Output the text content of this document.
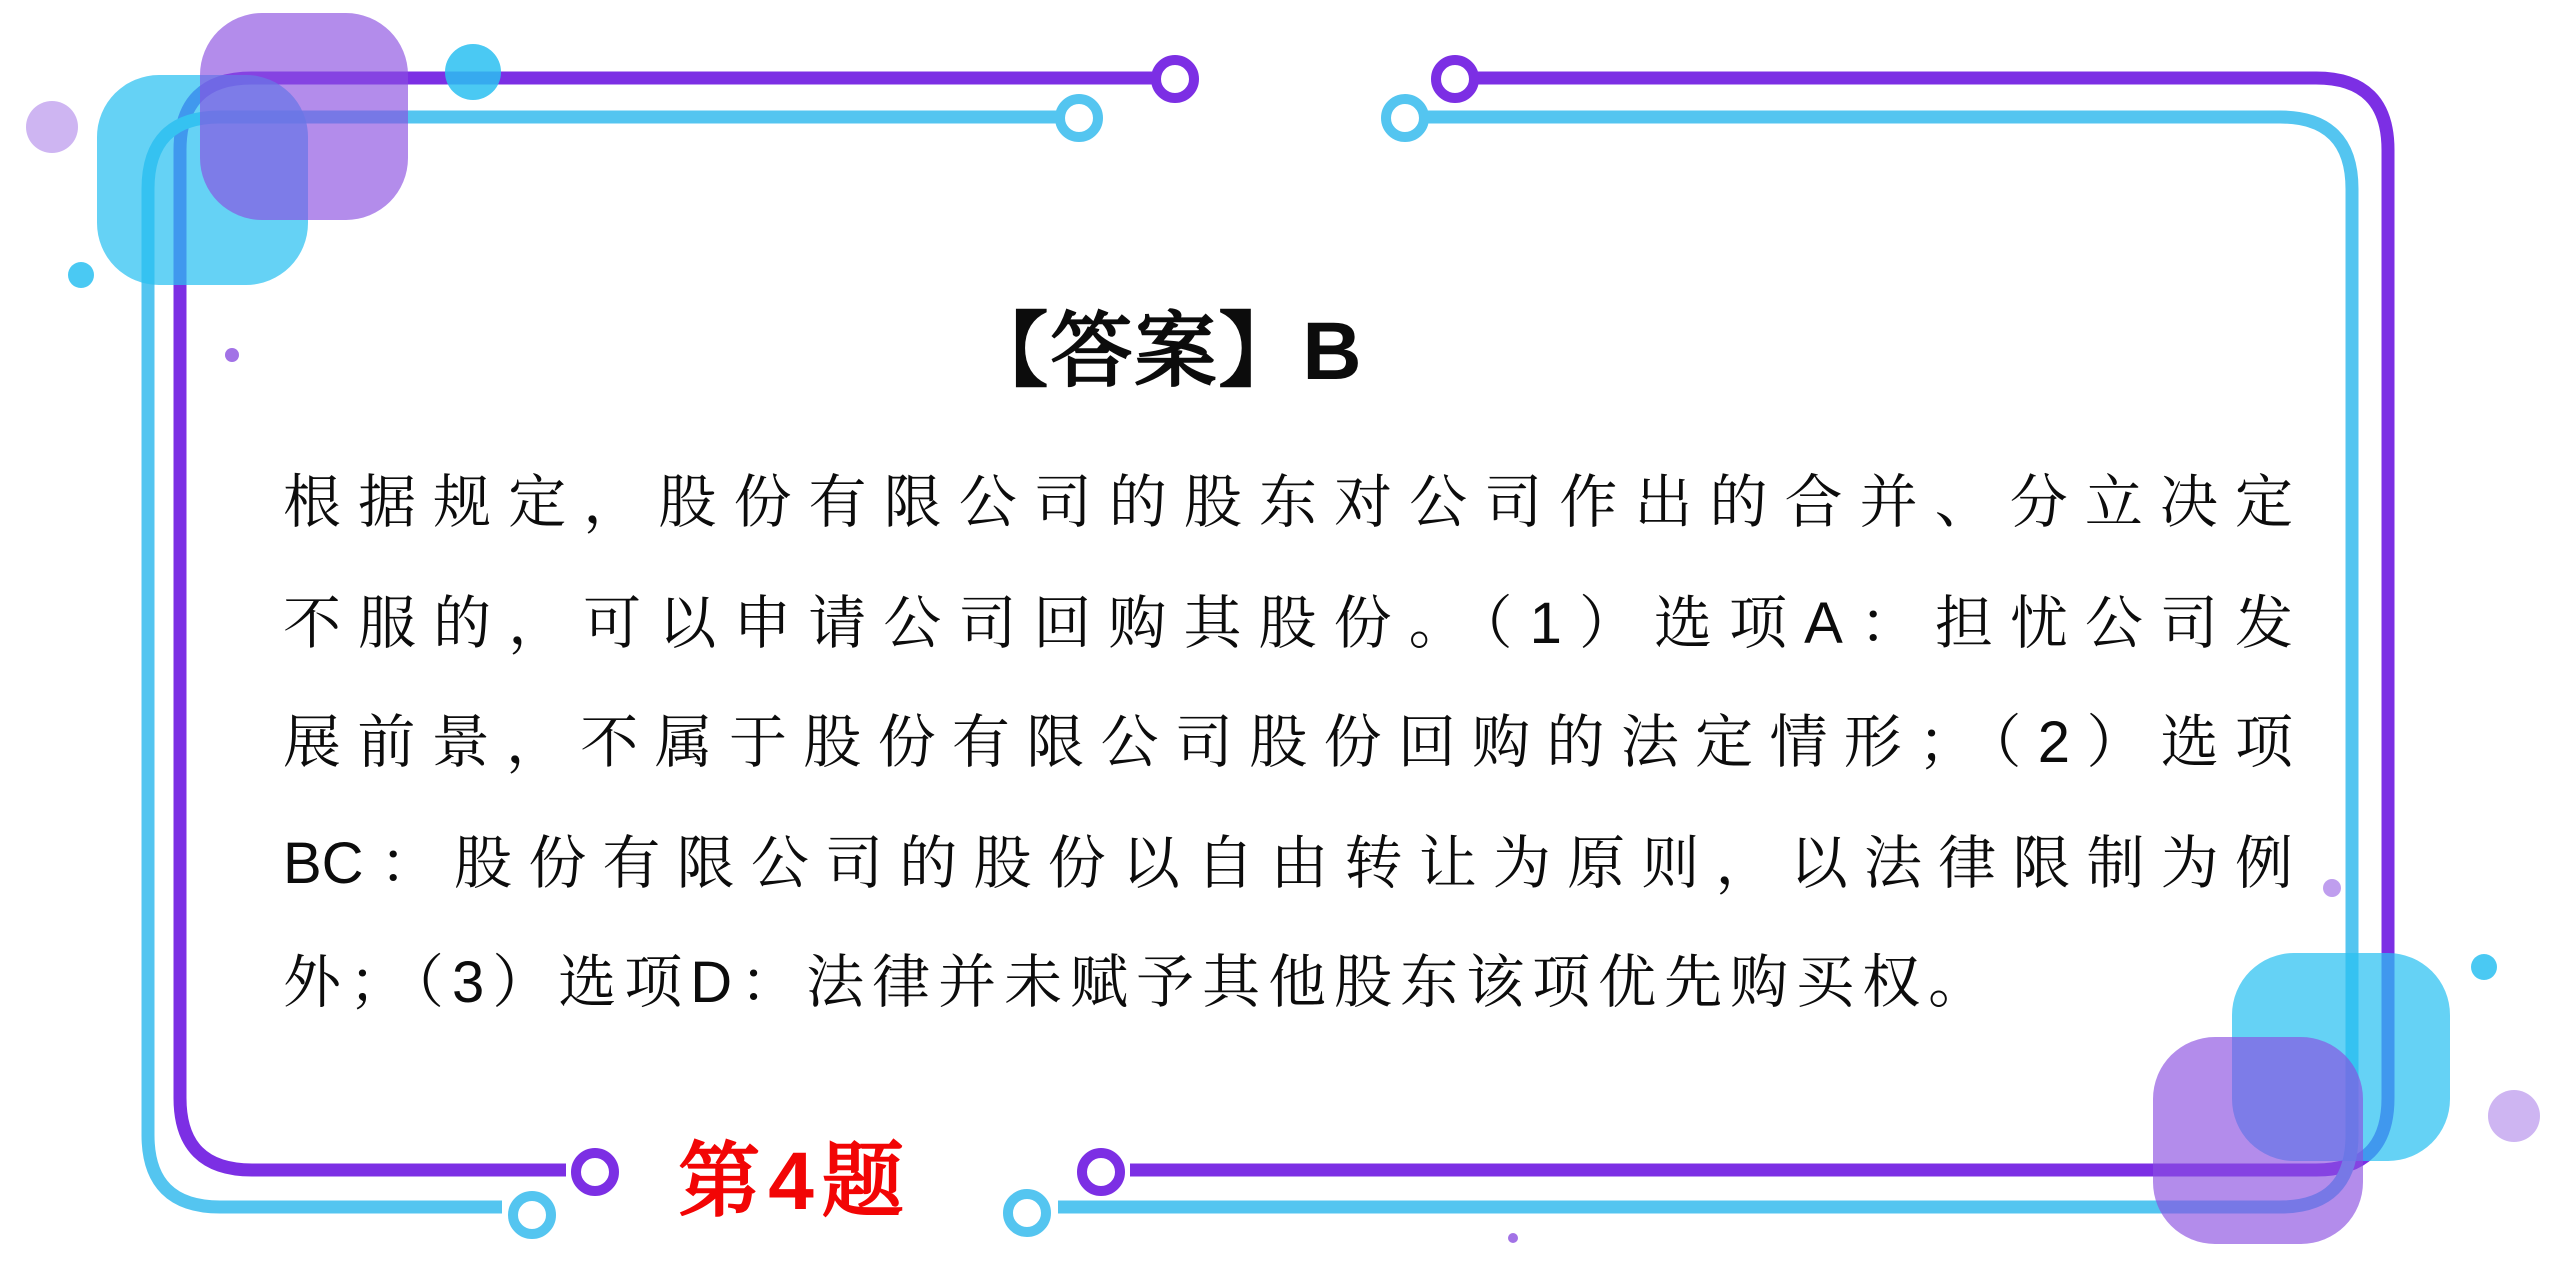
【答案】B
根据规定，股份有限公司的股东对公司作出的合并、分立决定
不服的，可以申请公司回购其股份。（1）选项A：担忧公司发
展前景，不属于股份有限公司股份回购的法定情形；（2）选项
BC：股份有限公司的股份以自由转让为原则，以法律限制为例
外；（3）选项D：法律并未赋予其他股东该项优先购买权。
第4题
